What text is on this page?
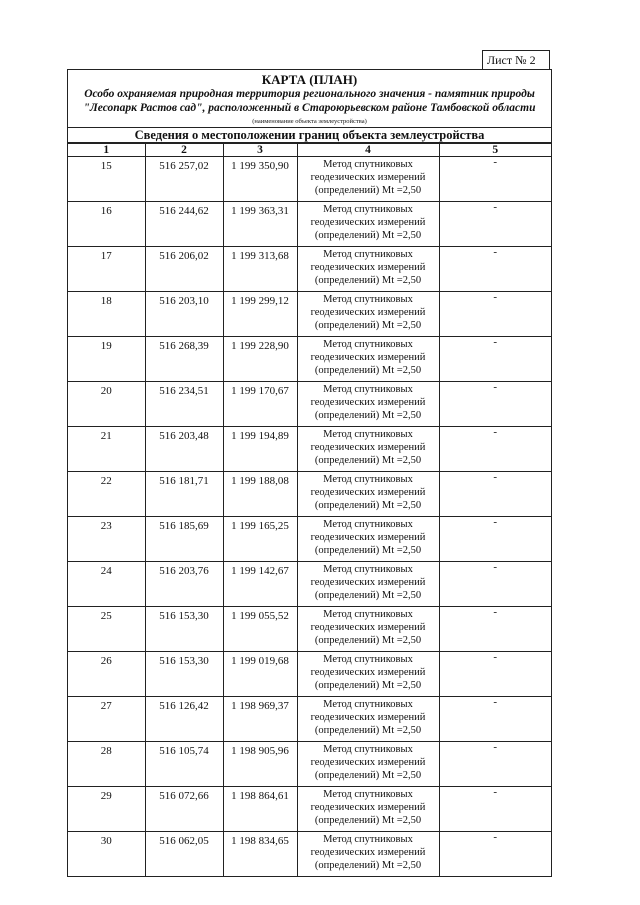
Лист № 2
КАРТА (ПЛАН)
Особо охраняемая природная территория регионального значения - памятник природы "Лесопарк Растов сад", расположенный в Староюрьевском районе Тамбовской области
(наименование объекта землеустройства)
Сведения о местоположении границ объекта землеустройства
1	2	3	4	5
15	516 257,02	1 199 350,90	Метод спутниковых
геодезических измерений
(определений) Mt =2,50	-
16	516 244,62	1 199 363,31	Метод спутниковых
геодезических измерений
(определений) Mt =2,50	-
17	516 206,02	1 199 313,68	Метод спутниковых
геодезических измерений
(определений) Mt =2,50	-
18	516 203,10	1 199 299,12	Метод спутниковых
геодезических измерений
(определений) Mt =2,50	-
19	516 268,39	1 199 228,90	Метод спутниковых
геодезических измерений
(определений) Mt =2,50	-
20	516 234,51	1 199 170,67	Метод спутниковых
геодезических измерений
(определений) Mt =2,50	-
21	516 203,48	1 199 194,89	Метод спутниковых
геодезических измерений
(определений) Mt =2,50	-
22	516 181,71	1 199 188,08	Метод спутниковых
геодезических измерений
(определений) Mt =2,50	-
23	516 185,69	1 199 165,25	Метод спутниковых
геодезических измерений
(определений) Mt =2,50	-
24	516 203,76	1 199 142,67	Метод спутниковых
геодезических измерений
(определений) Mt =2,50	-
25	516 153,30	1 199 055,52	Метод спутниковых
геодезических измерений
(определений) Mt =2,50	-
26	516 153,30	1 199 019,68	Метод спутниковых
геодезических измерений
(определений) Mt =2,50	-
27	516 126,42	1 198 969,37	Метод спутниковых
геодезических измерений
(определений) Mt =2,50	-
28	516 105,74	1 198 905,96	Метод спутниковых
геодезических измерений
(определений) Mt =2,50	-
29	516 072,66	1 198 864,61	Метод спутниковых
геодезических измерений
(определений) Mt =2,50	-
30	516 062,05	1 198 834,65	Метод спутниковых
геодезических измерений
(определений) Mt =2,50	-
